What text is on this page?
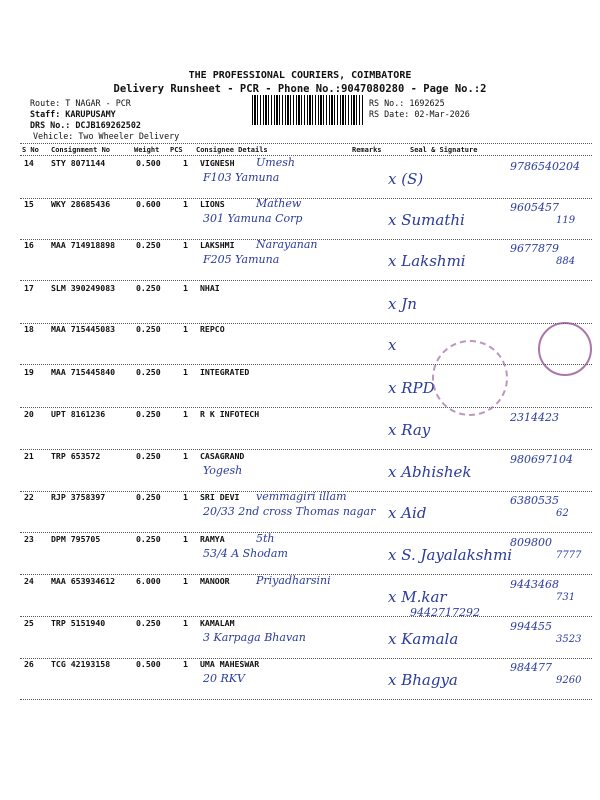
THE PROFESSIONAL COURIERS, COIMBATORE
Delivery Runsheet - PCR - Phone No.:9047080280 - Page No.:2
Route: T NAGAR - PCR
Staff: KARUPUSAMY
DRS No.: DCJB169262502
Vehicle: Two Wheeler Delivery
RS No.: 1692625
RS Date: 02-Mar-2026
S No Consignment No	Weight PCS Consignee Details	Remarks	Seal & Signature
14 STY 8071144	0.500	1 VIGNESH Umesh
F103 Yamuna	x (S)
9786540204
15 WKY 28685436	0.600	1 LIONS	Mathew
301 Yamuna Corp	x Sumathi
9605457
119
16 MAA 714918898	0.250	1 LAKSHMI Narayanan
F205 Yamuna	x Lakshmi
9677879
884
17 SLM 390249083	0.250	1 NHAI
x Jn
18 MAA 715445083	0.250	1 REPCO
x
19 MAA 715445840	0.250	1 INTEGRATED
x RPD
20 UPT 8161236	0.250	1 R K INFOTECH
x Ray
2314423
21 TRP 653572	0.250	1 CASAGRAND
Yogesh	x Abhishek
980697104
22 RJP 3758397	0.250	1 SRI DEVI vemmagiri illam
20/33 2nd cross Thomas nagar x Aid
6380535
62
23 DPM 795705	0.250	1 RAMYA	5th
53/4 A Shodam	x S. Jayalakshmi
809800
7777
24 MAA 653934612	6.000	1 MANOOR Priyadharsini
x M.kar
9443468
731
9442717292
25 TRP 5151940	0.250	1 KAMALAM
3 Karpaga Bhavan	x Kamala
994455
3523
26 TCG 42193158	0.500	1 UMA MAHESWAR
20 RKV	x Bhagya
984477
9260
